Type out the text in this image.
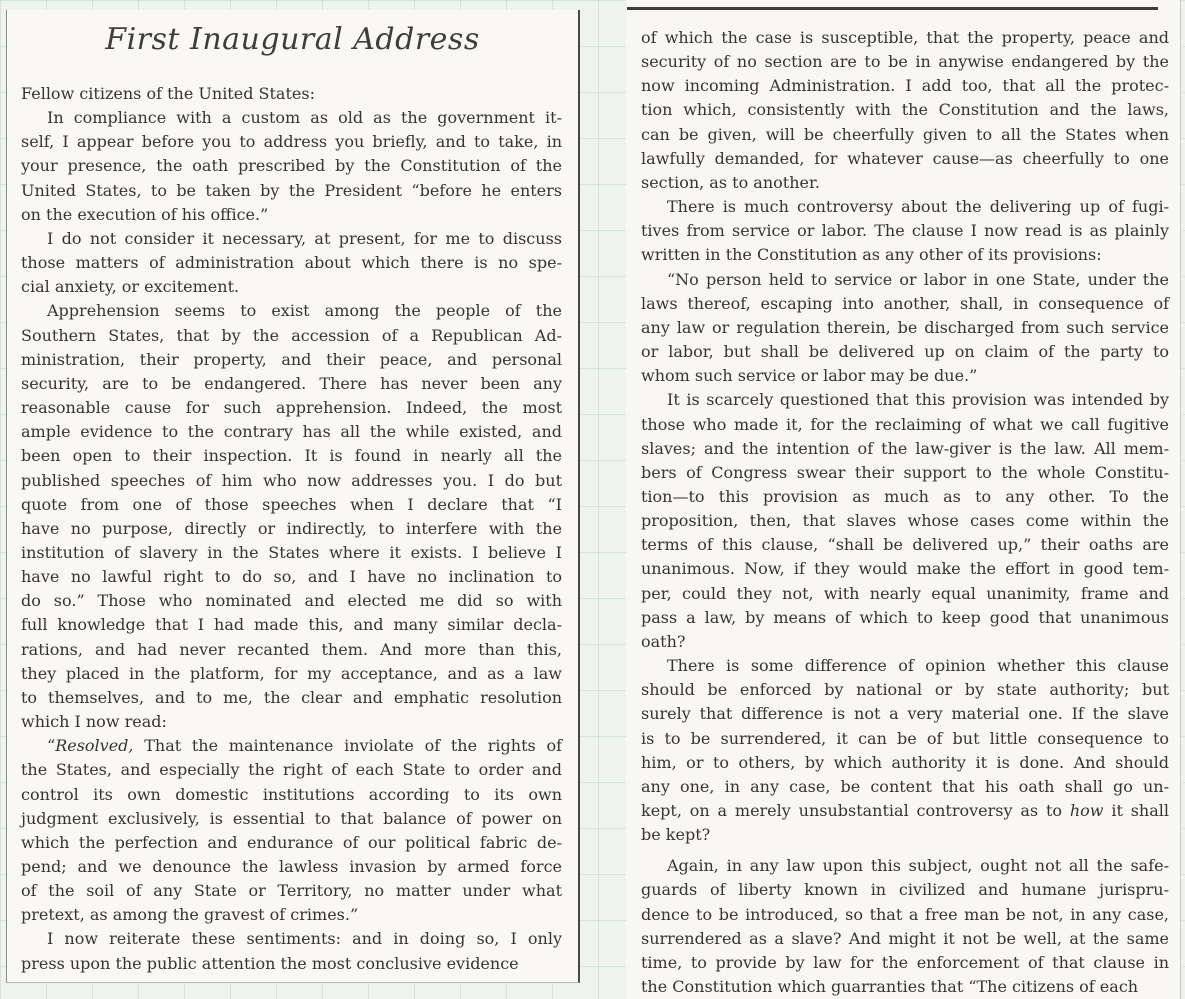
First Inaugural Address
Fellow citizens of the United States:
In compliance with a custom as old as the government it-
self, I appear before you to address you briefly, and to take, in
your presence, the oath prescribed by the Constitution of the
United States, to be taken by the President “before he enters
on the execution of his office.”
I do not consider it necessary, at present, for me to discuss
those matters of administration about which there is no spe-
cial anxiety, or excitement.
Apprehension seems to exist among the people of the
Southern States, that by the accession of a Republican Ad-
ministration, their property, and their peace, and personal
security, are to be endangered. There has never been any
reasonable cause for such apprehension. Indeed, the most
ample evidence to the contrary has all the while existed, and
been open to their inspection. It is found in nearly all the
published speeches of him who now addresses you. I do but
quote from one of those speeches when I declare that “I
have no purpose, directly or indirectly, to interfere with the
institution of slavery in the States where it exists. I believe I
have no lawful right to do so, and I have no inclination to
do so.” Those who nominated and elected me did so with
full knowledge that I had made this, and many similar decla-
rations, and had never recanted them. And more than this,
they placed in the platform, for my acceptance, and as a law
to themselves, and to me, the clear and emphatic resolution
which I now read:
“Resolved, That the maintenance inviolate of the rights of
the States, and especially the right of each State to order and
control its own domestic institutions according to its own
judgment exclusively, is essential to that balance of power on
which the perfection and endurance of our political fabric de-
pend; and we denounce the lawless invasion by armed force
of the soil of any State or Territory, no matter under what
pretext, as among the gravest of crimes.”
I now reiterate these sentiments: and in doing so, I only
press upon the public attention the most conclusive evidence
of which the case is susceptible, that the property, peace and
security of no section are to be in anywise endangered by the
now incoming Administration. I add too, that all the protec-
tion which, consistently with the Constitution and the laws,
can be given, will be cheerfully given to all the States when
lawfully demanded, for whatever cause—as cheerfully to one
section, as to another.
There is much controversy about the delivering up of fugi-
tives from service or labor. The clause I now read is as plainly
written in the Constitution as any other of its provisions:
“No person held to service or labor in one State, under the
laws thereof, escaping into another, shall, in consequence of
any law or regulation therein, be discharged from such service
or labor, but shall be delivered up on claim of the party to
whom such service or labor may be due.”
It is scarcely questioned that this provision was intended by
those who made it, for the reclaiming of what we call fugitive
slaves; and the intention of the law-giver is the law. All mem-
bers of Congress swear their support to the whole Constitu-
tion—to this provision as much as to any other. To the
proposition, then, that slaves whose cases come within the
terms of this clause, “shall be delivered up,” their oaths are
unanimous. Now, if they would make the effort in good tem-
per, could they not, with nearly equal unanimity, frame and
pass a law, by means of which to keep good that unanimous
oath?
There is some difference of opinion whether this clause
should be enforced by national or by state authority; but
surely that difference is not a very material one. If the slave
is to be surrendered, it can be of but little consequence to
him, or to others, by which authority it is done. And should
any one, in any case, be content that his oath shall go un-
kept, on a merely unsubstantial controversy as to how it shall
be kept?
Again, in any law upon this subject, ought not all the safe-
guards of liberty known in civilized and humane jurispru-
dence to be introduced, so that a free man be not, in any case,
surrendered as a slave? And might it not be well, at the same
time, to provide by law for the enforcement of that clause in
the Constitution which guarranties that “The citizens of each
